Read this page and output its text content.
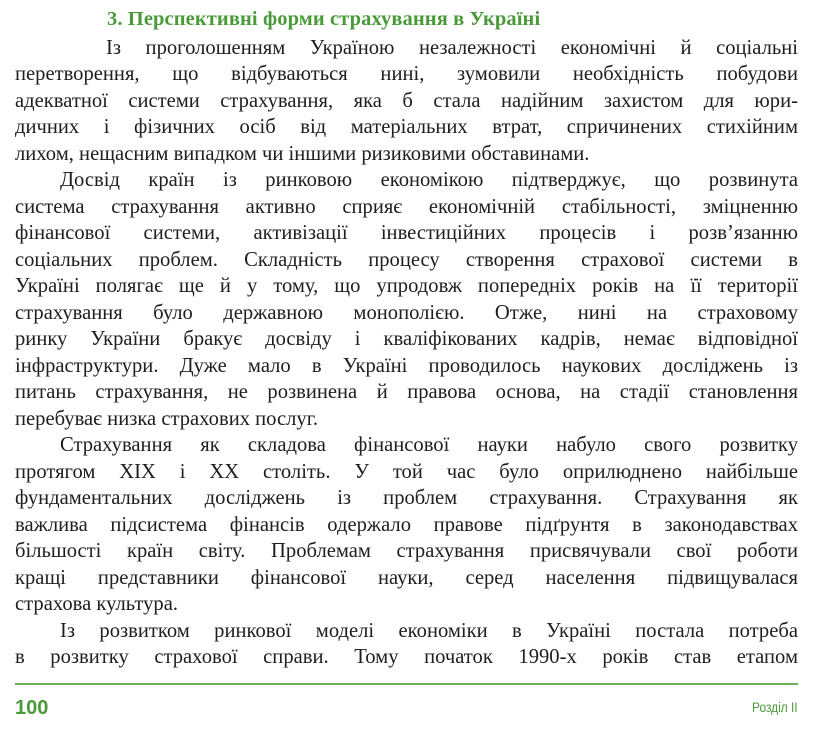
3. Перспективні форми страхування в Україні

Із проголошенням Україною незалежності економічні й соціальні
перетворення, що відбуваються нині, зумовили необхідність побудови
адекватної системи страхування, яка б стала надійним захистом для юри-
дичних і фізичних осіб від матеріальних втрат, спричинених стихійним
лихом, нещасним випадком чи іншими ризиковими обставинами.

Досвід країн із ринковою економікою підтверджує, що розвинута
система страхування активно сприяє економічній стабільності, зміцненню
фінансової системи, активізації інвестиційних процесів і розв’язанню
соціальних проблем. Складність процесу створення страхової системи в
Україні полягає ще й у тому, що упродовж попередніх років на її території
страхування було державною монополією. Отже, нині на страховому
ринку України бракує досвіду і кваліфікованих кадрів, немає відповідної
інфраструктури. Дуже мало в Україні проводилось наукових досліджень із
питань страхування, не розвинена й правова основа, на стадії становлення
перебуває низка страхових послуг.

Страхування як складова фінансової науки набуло свого розвитку
протягом XIX і XX століть. У той час було оприлюднено найбільше
фундаментальних досліджень із проблем страхування. Страхування як
важлива підсистема фінансів одержало правове підґрунтя в законодавствах
більшості країн світу. Проблемам страхування присвячували свої роботи
кращі представники фінансової науки, серед населення підвищувалася
страхова культура.

Із розвитком ринкової моделі економіки в Україні постала потреба
в розвитку страхової справи. Тому початок 1990-х років став етапом

100	Розділ II
